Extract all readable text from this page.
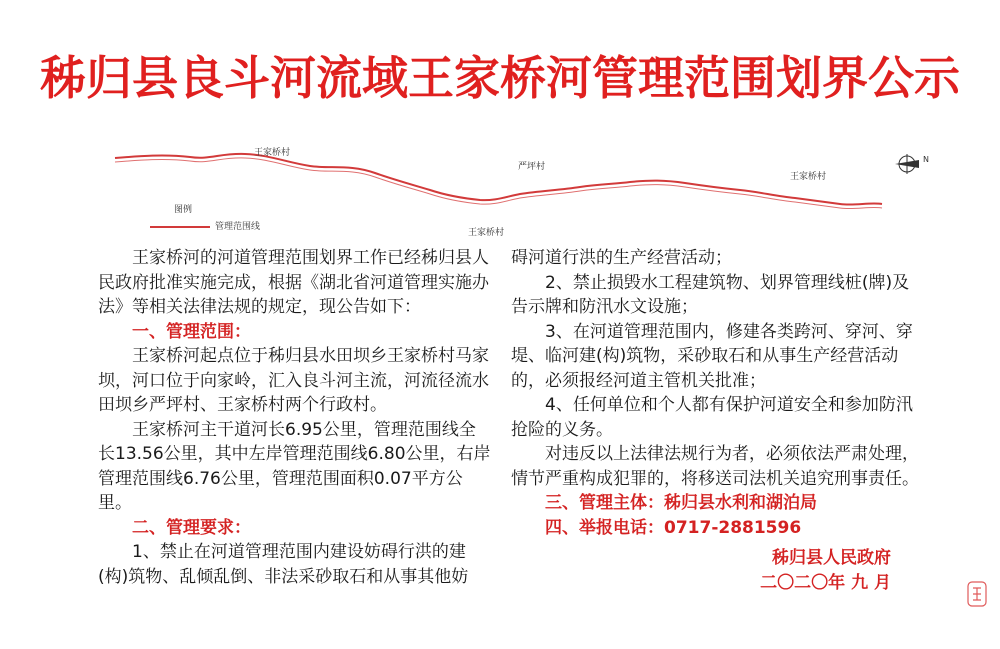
秭归县良斗河流域王家桥河管理范围划界公示
王家桥村
严坪村
王家桥村
王家桥村
图例
管理范围线
N

王家桥河的河道管理范围划界工作已经秭归县人民政府批准实施完成，根据《湖北省河道管理实施办法》等相关法律法规的规定，现公告如下：

一、管理范围：

王家桥河起点位于秭归县水田坝乡王家桥村马家坝，河口位于向家岭，汇入良斗河主流，河流径流水田坝乡严坪村、王家桥村两个行政村。

王家桥河主干道河长6.95公里，管理范围线全长13.56公里，其中左岸管理范围线6.80公里，右岸管理范围线6.76公里，管理范围面积0.07平方公里。

二、管理要求：

1、禁止在河道管理范围内建设妨碍行洪的建(构)筑物、乱倾乱倒、非法采砂取石和从事其他妨

碍河道行洪的生产经营活动；

2、禁止损毁水工程建筑物、划界管理线桩(牌)及告示牌和防汛水文设施；

3、在河道管理范围内，修建各类跨河、穿河、穿堤、临河建(构)筑物，采砂取石和从事生产经营活动的，必须报经河道主管机关批准；

4、任何单位和个人都有保护河道安全和参加防汛抢险的义务。

对违反以上法律法规行为者，必须依法严肃处理，情节严重构成犯罪的，将移送司法机关追究刑事责任。

三、管理主体：秭归县水利和湖泊局

四、举报电话：0717-2881596

秭归县人民政府

二〇二〇年 九 月
